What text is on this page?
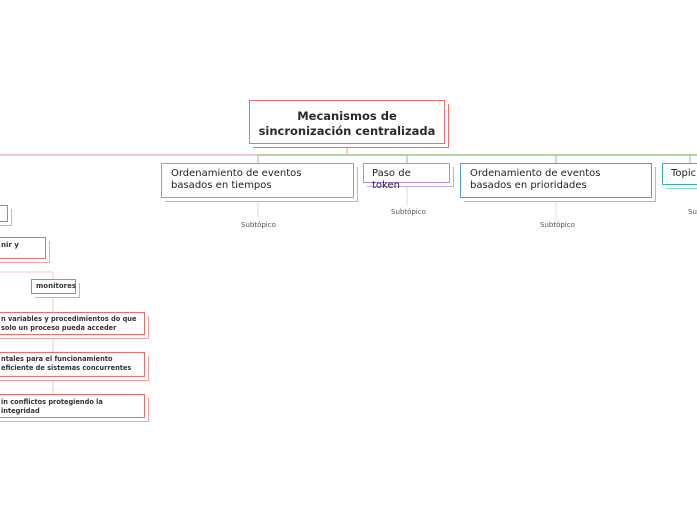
Mecanismos de sincronización centralizada
Ordenamiento de eventos basados en tiempos
Subtópico
Paso de token
Subtópico
Ordenamiento de eventos basados en prioridades
Subtópico
Topic
Su
nir y
monitores
n variables y procedimientos do que solo un proceso pueda acceder
ntales para el funcionamiento eficiente de sistemas concurrentes
in conflictos protegiendo la integridad
